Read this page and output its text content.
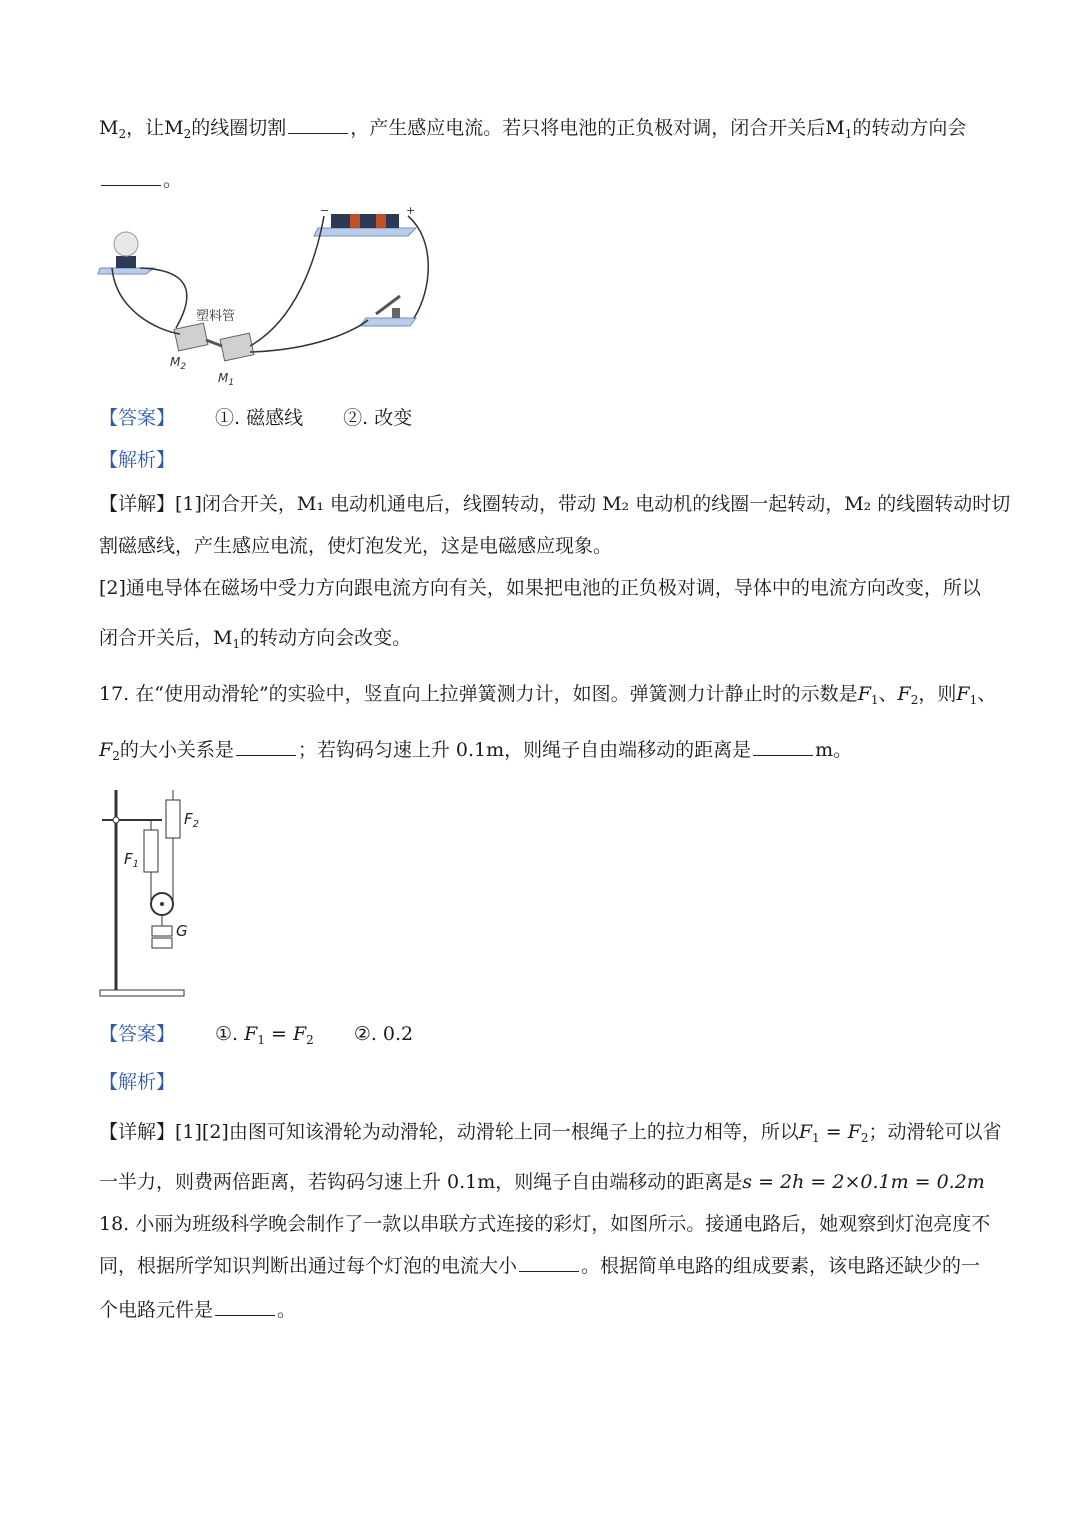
$M_2$，让$M_2$的线圈切割	，产生感应电流。若只将电池的正负极对调，闭合开关后$M_1$的转动方向会
。
−	+
塑料管
$M_2$
$M_1$
【答案】 ①. 磁感线 ②. 改变
【解析】
【详解】[1]闭合开关，M₁ 电动机通电后，线圈转动，带动 M₂ 电动机的线圈一起转动，M₂ 的线圈转动时切
割磁感线，产生感应电流，使灯泡发光，这是电磁感应现象。
[2]通电导体在磁场中受力方向跟电流方向有关，如果把电池的正负极对调，导体中的电流方向改变，所以
闭合开关后，$M_1$的转动方向会改变。
17. 在“使用动滑轮”的实验中，竖直向上拉弹簧测力计，如图。弹簧测力计静止时的示数是$F_1$、$F_2$，则$F_1$、
$F_2$的大小关系是	；若钩码匀速上升 0.1m，则绳子自由端移动的距离是	m。
$F_2$
$F_1$
G
【答案】 ①. $F_1 = F_2$ ②. 0.2
【解析】
【详解】[1][2]由图可知该滑轮为动滑轮，动滑轮上同一根绳子上的拉力相等，所以$F_1 = F_2$；动滑轮可以省
一半力，则费两倍距离，若钩码匀速上升 0.1m，则绳子自由端移动的距离是s = 2h = 2×0.1m = 0.2m
18. 小丽为班级科学晚会制作了一款以串联方式连接的彩灯，如图所示。接通电路后，她观察到灯泡亮度不
同，根据所学知识判断出通过每个灯泡的电流大小	。根据简单电路的组成要素，该电路还缺少的一
个电路元件是	。
